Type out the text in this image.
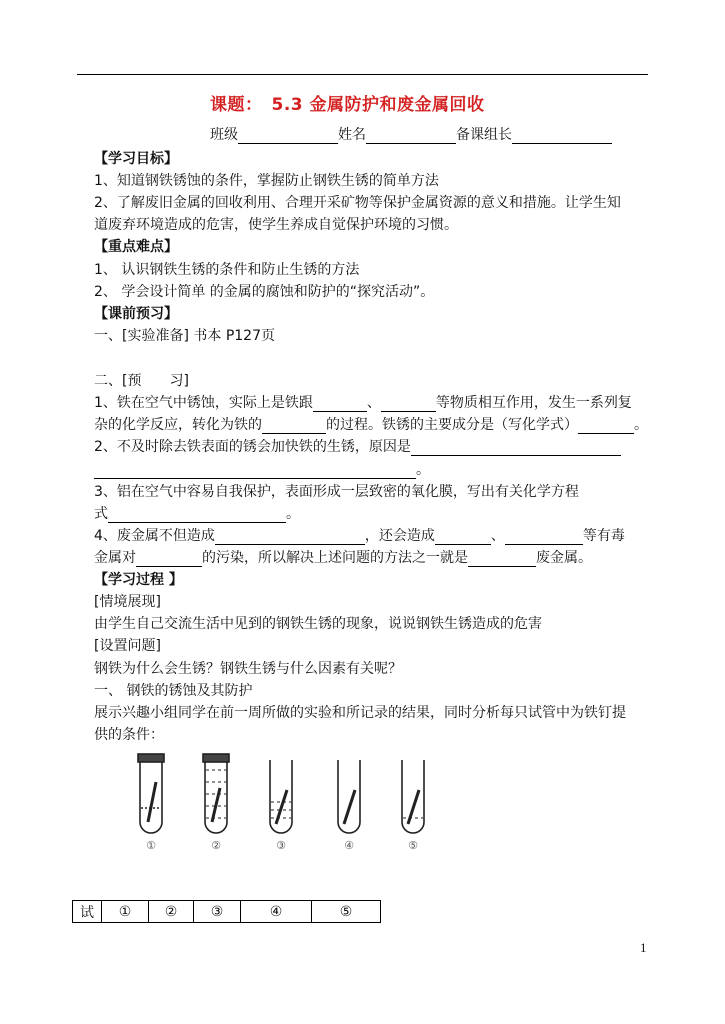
课题：　5.3 金属防护和废金属回收
班级	姓名	备课组长
【学习目标】
1、知道钢铁锈蚀的条件，掌握防止钢铁生锈的简单方法
2、了解废旧金属的回收利用、合理开采矿物等保护金属资源的意义和措施。让学生知
道废弃环境造成的危害，使学生养成自觉保护环境的习惯。
【重点难点】
1、 认识钢铁生锈的条件和防止生锈的方法
2、 学会设计简单 的金属的腐蚀和防护的“探究活动”。
【课前预习】
一、[实验准备] 书本 P127页
二、[预　　习]
1、铁在空气中锈蚀，实际上是铁跟	、	等物质相互作用，发生一系列复
杂的化学反应，转化为铁的	的过程。铁锈的主要成分是（写化学式）	。
2、不及时除去铁表面的锈会加快铁的生锈，原因是
。
3、铝在空气中容易自我保护，表面形成一层致密的氧化膜，写出有关化学方程
式	。
4、废金属不但造成	，还会造成	、	等有毒
金属对	的污染，所以解决上述问题的方法之一就是	废金属。
【学习过程 】
[情境展现]
由学生自己交流生活中见到的钢铁生锈的现象，说说钢铁生锈造成的危害
[设置问题]
钢铁为什么会生锈？钢铁生锈与什么因素有关呢？
一、 钢铁的锈蚀及其防护
展示兴趣小组同学在前一周所做的实验和所记录的结果，同时分析每只试管中为铁钉提
供的条件：
①	②	③	④	⑤
试	①	②	③	④	⑤
1
